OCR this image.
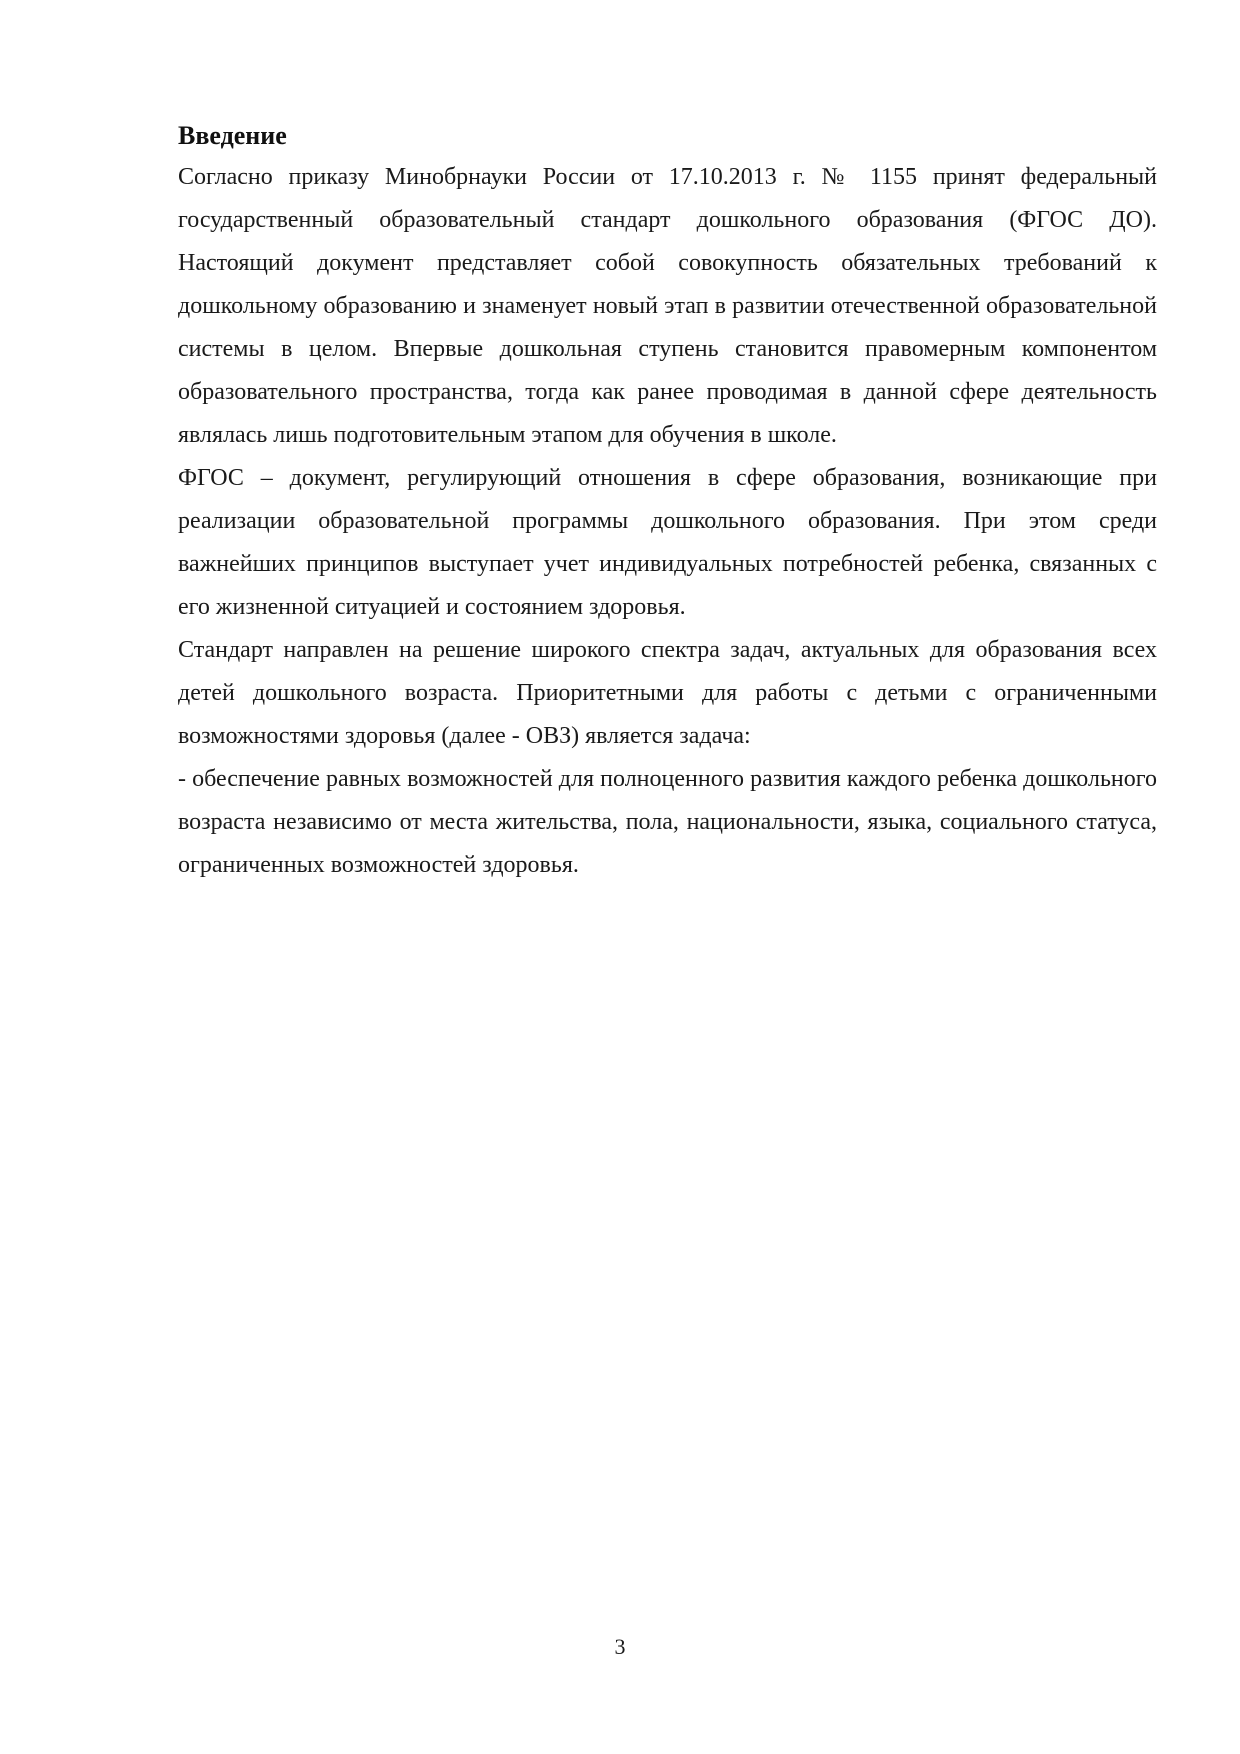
Введение

Согласно приказу Минобрнауки России от 17.10.2013 г. № 1155 принят федеральный государственный образовательный стандарт дошкольного образования (ФГОС ДО). Настоящий документ представляет собой совокупность обязательных требований к дошкольному образованию и знаменует новый этап в развитии отечественной образовательной системы в целом. Впервые дошкольная ступень становится правомерным компонентом образовательного пространства, тогда как ранее проводимая в данной сфере деятельность являлась лишь подготовительным этапом для обучения в школе.

ФГОС – документ, регулирующий отношения в сфере образования, возникающие при реализации образовательной программы дошкольного образования. При этом среди важнейших принципов выступает учет индивидуальных потребностей ребенка, связанных с его жизненной ситуацией и состоянием здоровья.

Стандарт направлен на решение широкого спектра задач, актуальных для образования всех детей дошкольного возраста. Приоритетными для работы с детьми с ограниченными возможностями здоровья (далее - ОВЗ) является задача:

- обеспечение равных возможностей для полноценного развития каждого ребенка дошкольного возраста независимо от места жительства, пола, национальности, языка, социального статуса, ограниченных возможностей здоровья.

3
